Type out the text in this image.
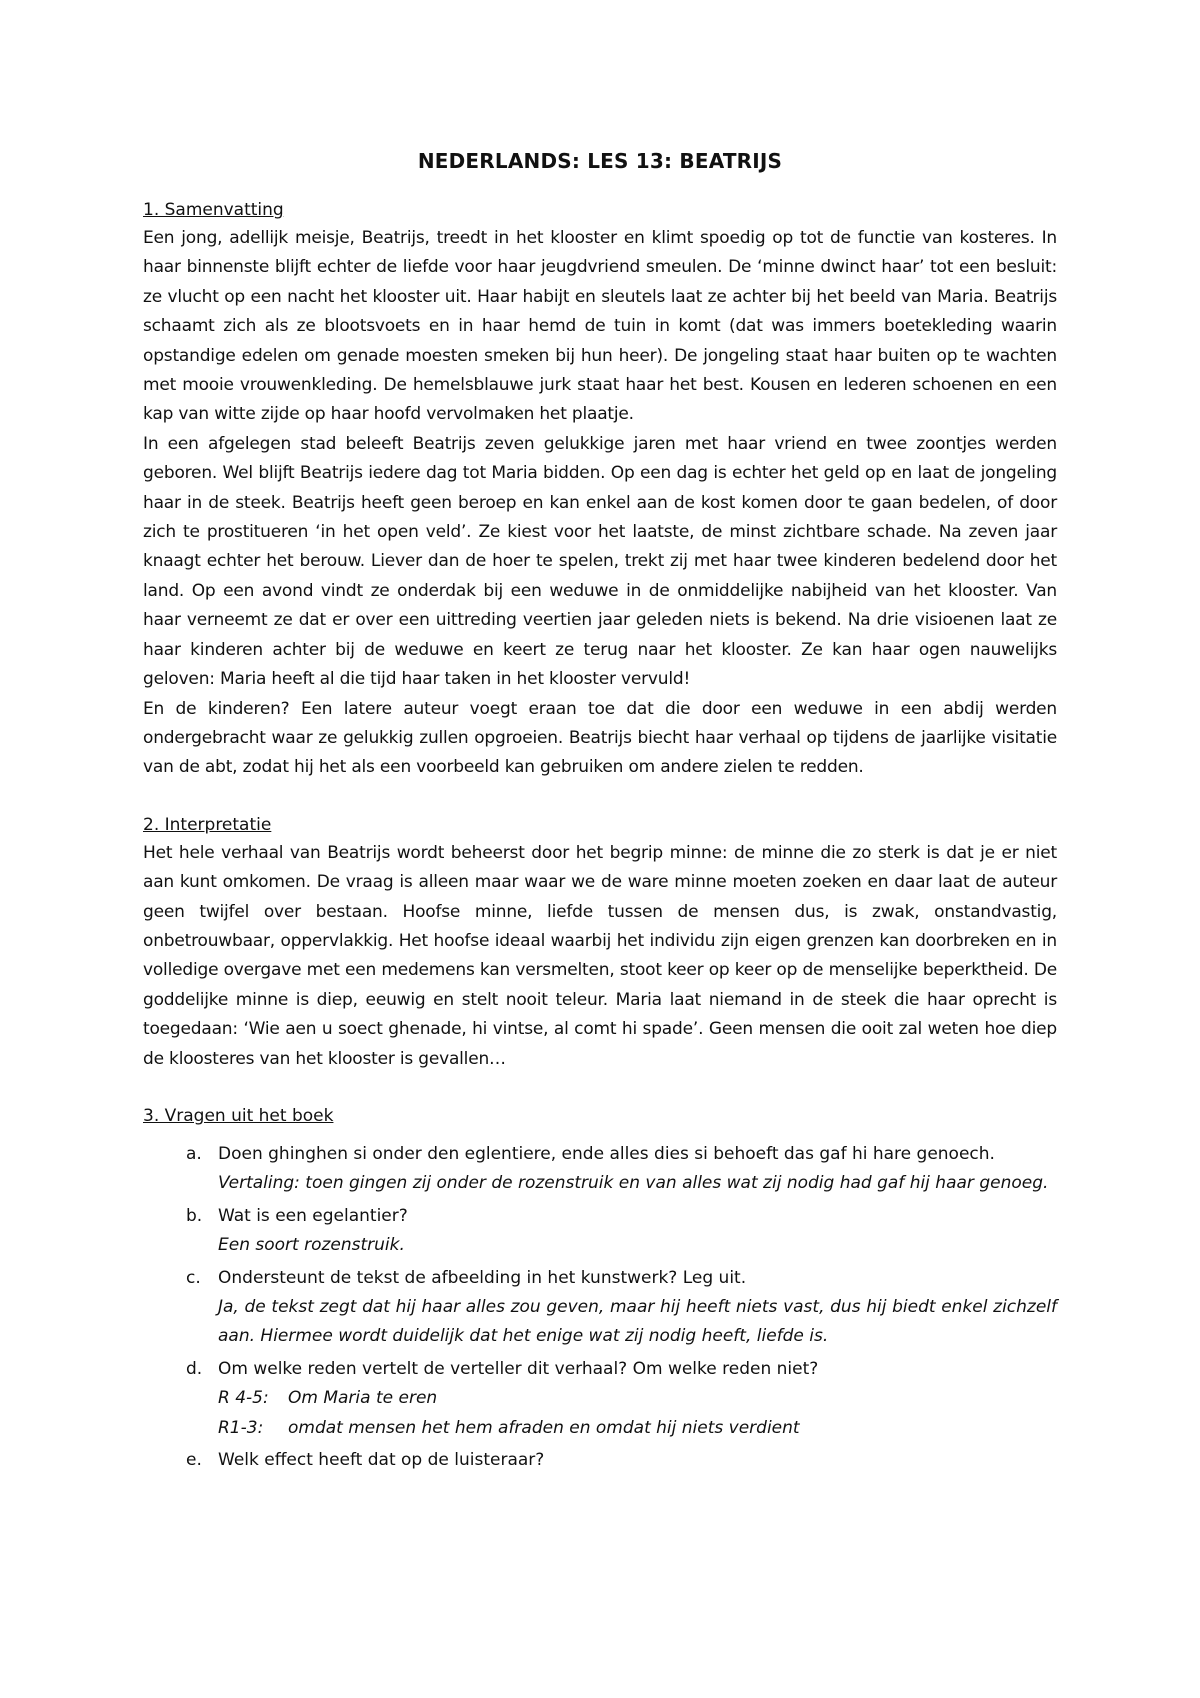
NEDERLANDS: LES 13: BEATRIJS
1. Samenvatting

Een jong, adellijk meisje, Beatrijs, treedt in het klooster en klimt spoedig op tot de functie van kosteres. In haar binnenste blijft echter de liefde voor haar jeugdvriend smeulen. De ‘minne dwinct haar’ tot een besluit: ze vlucht op een nacht het klooster uit. Haar habijt en sleutels laat ze achter bij het beeld van Maria. Beatrijs schaamt zich als ze blootsvoets en in haar hemd de tuin in komt (dat was immers boetekleding waarin opstandige edelen om genade moesten smeken bij hun heer). De jongeling staat haar buiten op te wachten met mooie vrouwenkleding. De hemelsblauwe jurk staat haar het best. Kousen en lederen schoenen en een kap van witte zijde op haar hoofd vervolmaken het plaatje.

In een afgelegen stad beleeft Beatrijs zeven gelukkige jaren met haar vriend en twee zoontjes werden geboren. Wel blijft Beatrijs iedere dag tot Maria bidden. Op een dag is echter het geld op en laat de jongeling haar in de steek. Beatrijs heeft geen beroep en kan enkel aan de kost komen door te gaan bedelen, of door zich te prostitueren ‘in het open veld’. Ze kiest voor het laatste, de minst zichtbare schade. Na zeven jaar knaagt echter het berouw. Liever dan de hoer te spelen, trekt zij met haar twee kinderen bedelend door het land. Op een avond vindt ze onderdak bij een weduwe in de onmiddelijke nabijheid van het klooster. Van haar verneemt ze dat er over een uittreding veertien jaar geleden niets is bekend. Na drie visioenen laat ze haar kinderen achter bij de weduwe en keert ze terug naar het klooster. Ze kan haar ogen nauwelijks geloven: Maria heeft al die tijd haar taken in het klooster vervuld!

En de kinderen? Een latere auteur voegt eraan toe dat die door een weduwe in een abdij werden ondergebracht waar ze gelukkig zullen opgroeien. Beatrijs biecht haar verhaal op tijdens de jaarlijke visitatie van de abt, zodat hij het als een voorbeeld kan gebruiken om andere zielen te redden.

2. Interpretatie

Het hele verhaal van Beatrijs wordt beheerst door het begrip minne: de minne die zo sterk is dat je er niet aan kunt omkomen. De vraag is alleen maar waar we de ware minne moeten zoeken en daar laat de auteur geen twijfel over bestaan. Hoofse minne, liefde tussen de mensen dus, is zwak, onstandvastig, onbetrouwbaar, oppervlakkig. Het hoofse ideaal waarbij het individu zijn eigen grenzen kan doorbreken en in volledige overgave met een medemens kan versmelten, stoot keer op keer op de menselijke beperktheid. De goddelijke minne is diep, eeuwig en stelt nooit teleur. Maria laat niemand in de steek die haar oprecht is toegedaan: ‘Wie aen u soect ghenade, hi vintse, al comt hi spade’. Geen mensen die ooit zal weten hoe diep de kloosteres van het klooster is gevallen…

3. Vragen uit het boek
a. Doen ghinghen si onder den eglentiere, ende alles dies si behoeft das gaf hi hare genoech.
Vertaling: toen gingen zij onder de rozenstruik en van alles wat zij nodig had gaf hij haar genoeg.
b. Wat is een egelantier?
Een soort rozenstruik.
c. Ondersteunt de tekst de afbeelding in het kunstwerk? Leg uit.
Ja, de tekst zegt dat hij haar alles zou geven, maar hij heeft niets vast, dus hij biedt enkel zichzelf aan. Hiermee wordt duidelijk dat het enige wat zij nodig heeft, liefde is.
d. Om welke reden vertelt de verteller dit verhaal? Om welke reden niet?
R 4-5: Om Maria te eren
R1-3: omdat mensen het hem afraden en omdat hij niets verdient
e. Welk effect heeft dat op de luisteraar?
